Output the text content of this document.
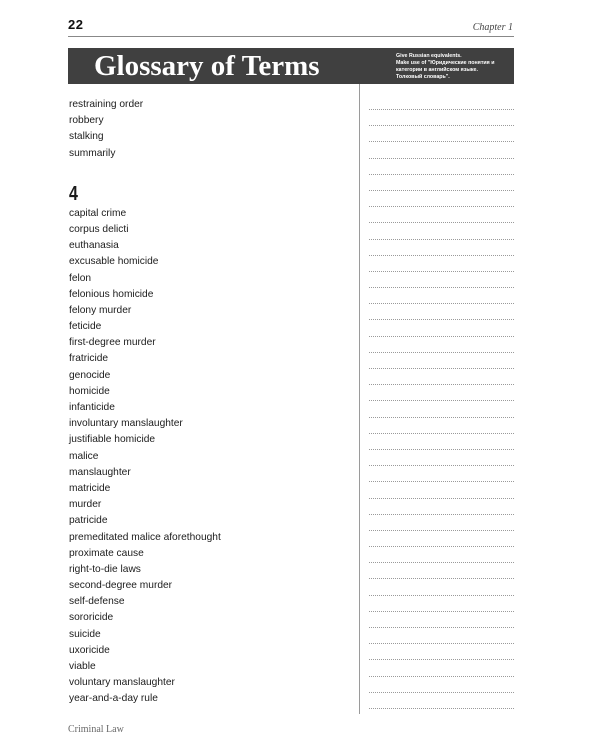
22	Chapter 1
Glossary of Terms	Give Russian equivalents.
Make use of "Юридические понятия и
категории в английском языке.
Толковый словарь".
restraining order
robbery
stalking
summarily
4
capital crime
corpus delicti
euthanasia
excusable homicide
felon
felonious homicide
felony murder
feticide
first-degree murder
fratricide
genocide
homicide
infanticide
involuntary manslaughter
justifiable homicide
malice
manslaughter
matricide
murder
patricide
premeditated malice aforethought
proximate cause
right-to-die laws
second-degree murder
self-defense
sororicide
suicide
uxoricide
viable
voluntary manslaughter
year-and-a-day rule
Criminal Law
